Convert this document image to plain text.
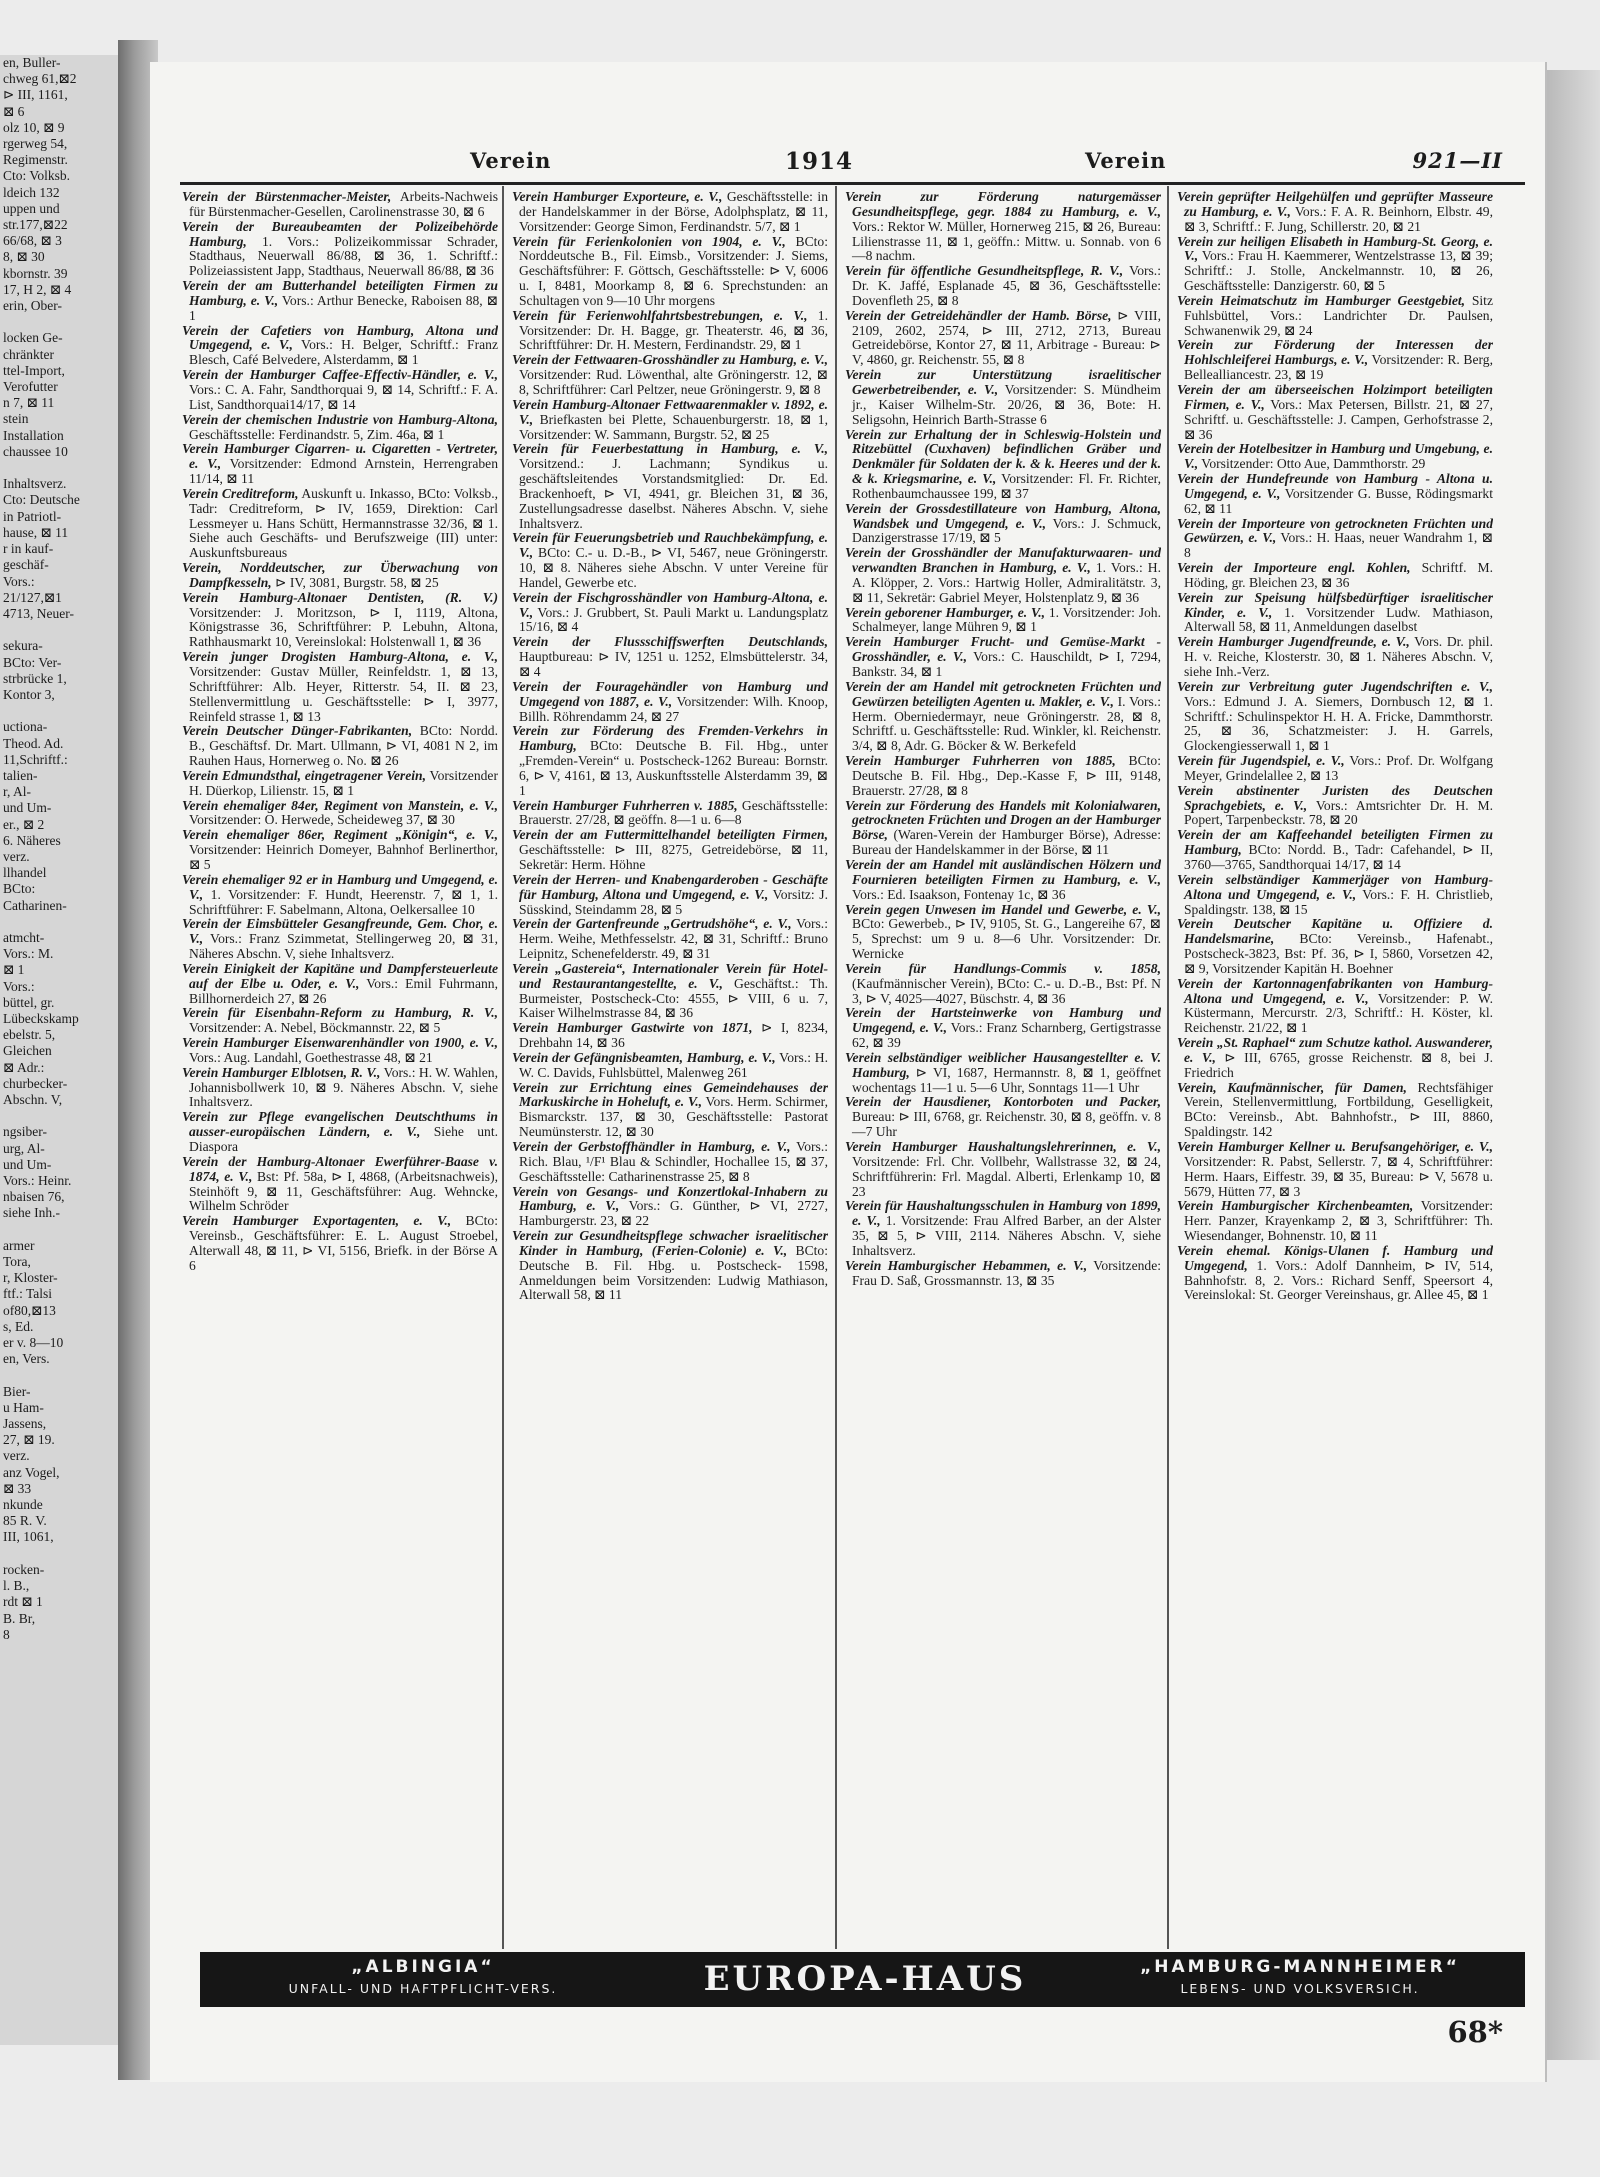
en, Buller-
chweg 61,⊠2
⊳ III, 1161,
⊠ 6
olz 10, ⊠ 9
rgerweg 54,
Regimenstr.
Cto: Volksb.
ldeich 132
uppen und
str.177,⊠22
66/68, ⊠ 3
8, ⊠ 30
kbornstr. 39
17, H 2, ⊠ 4
erin, Ober-

locken Ge-
chränkter
ttel-Import,
Verofutter
n 7, ⊠ 11
stein
Installation
chaussee 10

Inhaltsverz.
Cto: Deutsche
in Patriotl-
hause, ⊠ 11
r in kauf-
geschäf-
Vors.:
21/127,⊠1
4713, Neuer-

sekura-
BCto: Ver-
strbrücke 1,
Kontor 3,

uctiona-
Theod. Ad.
11,Schriftf.:
talien-
r, Al-
und Um-
er., ⊠ 2
6. Näheres
verz.
llhandel
BCto:
Catharinen-

atmcht-
Vors.: M.
⊠ 1
Vors.:
büttel, gr.
Lübeckskamp
ebelstr. 5,
Gleichen
⊠ Adr.:
churbecker-
Abschn. V,

ngsiber-
urg, Al-
und Um-
Vors.: Heinr.
nbaisen 76,
siehe Inh.-

armer
Tora,
r, Kloster-
ftf.: Talsi
of80,⊠13
s, Ed.
er v. 8—10
en, Vers.

Bier-
u Ham-
Jassens,
27, ⊠ 19.
verz.
anz Vogel,
⊠ 33
nkunde
85 R. V.
III, 1061,

rocken-
l. B.,
rdt ⊠ 1
B. Br,
8
Verein	1914	Verein	921—II
Verein der Bürstenmacher-Meister, Arbeits-Nachweis für Bürstenmacher-Gesellen, Carolinenstrasse 30, ⊠ 6
Verein der Bureaubeamten der Polizeibehörde Hamburg, 1. Vors.: Polizeikommissar Schrader, Stadthaus, Neuerwall 86/88, ⊠ 36, 1. Schriftf.: Polizeiassistent Japp, Stadthaus, Neuerwall 86/88, ⊠ 36
Verein der am Butterhandel beteiligten Firmen zu Hamburg, e. V., Vors.: Arthur Benecke, Raboisen 88, ⊠ 1
Verein der Cafetiers von Hamburg, Altona und Umgegend, e. V., Vors.: H. Belger, Schriftf.: Franz Blesch, Café Belvedere, Alsterdamm, ⊠ 1
Verein der Hamburger Caffee-Effectiv-Händler, e. V., Vors.: C. A. Fahr, Sandthorquai 9, ⊠ 14, Schriftf.: F. A. List, Sandthorquai14/17, ⊠ 14
Verein der chemischen Industrie von Hamburg-Altona, Geschäftsstelle: Ferdinandstr. 5, Zim. 46a, ⊠ 1
Verein Hamburger Cigarren- u. Cigaretten - Vertreter, e. V., Vorsitzender: Edmond Arnstein, Herrengraben 11/14, ⊠ 11
Verein Creditreform, Auskunft u. Inkasso, BCto: Volksb., Tadr: Creditreform, ⊳ IV, 1659, Direktion: Carl Lessmeyer u. Hans Schütt, Hermannstrasse 32/36, ⊠ 1. Siehe auch Geschäfts- und Berufszweige (III) unter: Auskunftsbureaus
Verein, Norddeutscher, zur Überwachung von Dampfkesseln, ⊳ IV, 3081, Burgstr. 58, ⊠ 25
Verein Hamburg-Altonaer Dentisten, (R. V.) Vorsitzender: J. Moritzson, ⊳ I, 1119, Altona, Königstrasse 36, Schriftführer: P. Lebuhn, Altona, Rathhausmarkt 10, Vereinslokal: Holstenwall 1, ⊠ 36
Verein junger Drogisten Hamburg-Altona, e. V., Vorsitzender: Gustav Müller, Reinfeldstr. 1, ⊠ 13, Schriftführer: Alb. Heyer, Ritterstr. 54, II. ⊠ 23, Stellenvermittlung u. Geschäftsstelle: ⊳ I, 3977, Reinfeld strasse 1, ⊠ 13
Verein Deutscher Dünger-Fabrikanten, BCto: Nordd. B., Geschäftsf. Dr. Mart. Ullmann, ⊳ VI, 4081 N 2, im Rauhen Haus, Hornerweg o. No. ⊠ 26
Verein Edmundsthal, eingetragener Verein, Vorsitzender H. Düerkop, Lilienstr. 15, ⊠ 1
Verein ehemaliger 84er, Regiment von Manstein, e. V., Vorsitzender: O. Herwede, Scheideweg 37, ⊠ 30
Verein ehemaliger 86er, Regiment „Königin“, e. V., Vorsitzender: Heinrich Domeyer, Bahnhof Berlinerthor, ⊠ 5
Verein ehemaliger 92 er in Hamburg und Umgegend, e. V., 1. Vorsitzender: F. Hundt, Heerenstr. 7, ⊠ 1, 1. Schriftführer: F. Sabelmann, Altona, Oelkersallee 10
Verein der Eimsbütteler Gesangfreunde, Gem. Chor, e. V., Vors.: Franz Szimmetat, Stellingerweg 20, ⊠ 31, Näheres Abschn. V, siehe Inhaltsverz.
Verein Einigkeit der Kapitäne und Dampfersteuerleute auf der Elbe u. Oder, e. V., Vors.: Emil Fuhrmann, Billhornerdeich 27, ⊠ 26
Verein für Eisenbahn-Reform zu Hamburg, R. V., Vorsitzender: A. Nebel, Böckmannstr. 22, ⊠ 5
Verein Hamburger Eisenwarenhändler von 1900, e. V., Vors.: Aug. Landahl, Goethestrasse 48, ⊠ 21
Verein Hamburger Elblotsen, R. V., Vors.: H. W. Wahlen, Johannisbollwerk 10, ⊠ 9. Näheres Abschn. V, siehe Inhaltsverz.
Verein zur Pflege evangelischen Deutschthums in ausser-europäischen Ländern, e. V., Siehe unt. Diaspora
Verein der Hamburg-Altonaer Ewerführer-Baase v. 1874, e. V., Bst: Pf. 58a, ⊳ I, 4868, (Arbeitsnachweis), Steinhöft 9, ⊠ 11, Geschäftsführer: Aug. Wehncke, Wilhelm Schröder
Verein Hamburger Exportagenten, e. V., BCto: Vereinsb., Geschäftsführer: E. L. August Stroebel, Alterwall 48, ⊠ 11, ⊳ VI, 5156, Briefk. in der Börse A 6
Verein Hamburger Exporteure, e. V., Geschäftsstelle: in der Handelskammer in der Börse, Adolphsplatz, ⊠ 11, Vorsitzender: George Simon, Ferdinandstr. 5/7, ⊠ 1
Verein für Ferienkolonien von 1904, e. V., BCto: Norddeutsche B., Fil. Eimsb., Vorsitzender: J. Siems, Geschäftsführer: F. Göttsch, Geschäftsstelle: ⊳ V, 6006 u. I, 8481, Moorkamp 8, ⊠ 6. Sprechstunden: an Schultagen von 9—10 Uhr morgens
Verein für Ferienwohlfahrtsbestrebungen, e. V., 1. Vorsitzender: Dr. H. Bagge, gr. Theaterstr. 46, ⊠ 36, Schriftführer: Dr. H. Mestern, Ferdinandstr. 29, ⊠ 1
Verein der Fettwaaren-Grosshändler zu Hamburg, e. V., Vorsitzender: Rud. Löwenthal, alte Gröningerstr. 12, ⊠ 8, Schriftführer: Carl Peltzer, neue Gröningerstr. 9, ⊠ 8
Verein Hamburg-Altonaer Fettwaarenmakler v. 1892, e. V., Briefkasten bei Plette, Schauenburgerstr. 18, ⊠ 1, Vorsitzender: W. Sammann, Burgstr. 52, ⊠ 25
Verein für Feuerbestattung in Hamburg, e. V., Vorsitzend.: J. Lachmann; Syndikus u. geschäftsleitendes Vorstandsmitglied: Dr. Ed. Brackenhoeft, ⊳ VI, 4941, gr. Bleichen 31, ⊠ 36, Zustellungsadresse daselbst. Näheres Abschn. V, siehe Inhaltsverz.
Verein für Feuerungsbetrieb und Rauchbekämpfung, e. V., BCto: C.- u. D.-B., ⊳ VI, 5467, neue Gröningerstr. 10, ⊠ 8. Näheres siehe Abschn. V unter Vereine für Handel, Gewerbe etc.
Verein der Fischgrosshändler von Hamburg-Altona, e. V., Vors.: J. Grubbert, St. Pauli Markt u. Landungsplatz 15/16, ⊠ 4
Verein der Flussschiffswerften Deutschlands, Hauptbureau: ⊳ IV, 1251 u. 1252, Elmsbüttelerstr. 34, ⊠ 4
Verein der Fouragehändler von Hamburg und Umgegend von 1887, e. V., Vorsitzender: Wilh. Knoop, Billh. Röhrendamm 24, ⊠ 27
Verein zur Förderung des Fremden-Verkehrs in Hamburg, BCto: Deutsche B. Fil. Hbg., unter „Fremden-Verein“ u. Postscheck-1262 Bureau: Bornstr. 6, ⊳ V, 4161, ⊠ 13, Auskunftsstelle Alsterdamm 39, ⊠ 1
Verein Hamburger Fuhrherren v. 1885, Geschäftsstelle: Brauerstr. 27/28, ⊠ geöffn. 8—1 u. 6—8
Verein der am Futtermittelhandel beteiligten Firmen, Geschäftsstelle: ⊳ III, 8275, Getreidebörse, ⊠ 11, Sekretär: Herm. Höhne
Verein der Herren- und Knabengarderoben - Geschäfte für Hamburg, Altona und Umgegend, e. V., Vorsitz: J. Süsskind, Steindamm 28, ⊠ 5
Verein der Gartenfreunde „Gertrudshöhe“, e. V., Vors.: Herm. Weihe, Methfesselstr. 42, ⊠ 31, Schriftf.: Bruno Leipnitz, Schenefelderstr. 49, ⊠ 31
Verein „Gastereia“, Internationaler Verein für Hotel- und Restaurantangestellte, e. V., Geschäftst.: Th. Burmeister, Postscheck-Cto: 4555, ⊳ VIII, 6 u. 7, Kaiser Wilhelmstrasse 84, ⊠ 36
Verein Hamburger Gastwirte von 1871, ⊳ I, 8234, Drehbahn 14, ⊠ 36
Verein der Gefängnisbeamten, Hamburg, e. V., Vors.: H. W. C. Davids, Fuhlsbüttel, Malenweg 261
Verein zur Errichtung eines Gemeindehauses der Markuskirche in Hoheluft, e. V., Vors. Herm. Schirmer, Bismarckstr. 137, ⊠ 30, Geschäftsstelle: Pastorat Neumünsterstr. 12, ⊠ 30
Verein der Gerbstoffhändler in Hamburg, e. V., Vors.: Rich. Blau, ¹/F¹ Blau & Schindler, Hochallee 15, ⊠ 37, Geschäftsstelle: Catharinenstrasse 25, ⊠ 8
Verein von Gesangs- und Konzertlokal-Inhabern zu Hamburg, e. V., Vors.: G. Günther, ⊳ VI, 2727, Hamburgerstr. 23, ⊠ 22
Verein zur Gesundheitspflege schwacher israelitischer Kinder in Hamburg, (Ferien-Colonie) e. V., BCto: Deutsche B. Fil. Hbg. u. Postscheck- 1598, Anmeldungen beim Vorsitzenden: Ludwig Mathiason, Alterwall 58, ⊠ 11
Verein zur Förderung naturgemässer Gesundheitspflege, gegr. 1884 zu Hamburg, e. V., Vors.: Rektor W. Müller, Hornerweg 215, ⊠ 26, Bureau: Lilienstrasse 11, ⊠ 1, geöffn.: Mittw. u. Sonnab. von 6—8 nachm.
Verein für öffentliche Gesundheitspflege, R. V., Vors.: Dr. K. Jaffé, Esplanade 45, ⊠ 36, Geschäftsstelle: Dovenfleth 25, ⊠ 8
Verein der Getreidehändler der Hamb. Börse, ⊳ VIII, 2109, 2602, 2574, ⊳ III, 2712, 2713, Bureau Getreidebörse, Kontor 27, ⊠ 11, Arbitrage - Bureau: ⊳ V, 4860, gr. Reichenstr. 55, ⊠ 8
Verein zur Unterstützung israelitischer Gewerbetreibender, e. V., Vorsitzender: S. Mündheim jr., Kaiser Wilhelm-Str. 20/26, ⊠ 36, Bote: H. Seligsohn, Heinrich Barth-Strasse 6
Verein zur Erhaltung der in Schleswig-Holstein und Ritzebüttel (Cuxhaven) befindlichen Gräber und Denkmäler für Soldaten der k. & k. Heeres und der k. & k. Kriegsmarine, e. V., Vorsitzender: Fl. Fr. Richter, Rothenbaumchaussee 199, ⊠ 37
Verein der Grossdestillateure von Hamburg, Altona, Wandsbek und Umgegend, e. V., Vors.: J. Schmuck, Danzigerstrasse 17/19, ⊠ 5
Verein der Grosshändler der Manufakturwaaren- und verwandten Branchen in Hamburg, e. V., 1. Vors.: H. A. Klöpper, 2. Vors.: Hartwig Holler, Admiralitätstr. 3, ⊠ 11, Sekretär: Gabriel Meyer, Holstenplatz 9, ⊠ 36
Verein geborener Hamburger, e. V., 1. Vorsitzender: Joh. Schalmeyer, lange Mühren 9, ⊠ 1
Verein Hamburger Frucht- und Gemüse-Markt - Grosshändler, e. V., Vors.: C. Hauschildt, ⊳ I, 7294, Bankstr. 34, ⊠ 1
Verein der am Handel mit getrockneten Früchten und Gewürzen beteiligten Agenten u. Makler, e. V., I. Vors.: Herm. Oberniedermayr, neue Gröningerstr. 28, ⊠ 8, Schriftf. u. Geschäftsstelle: Rud. Winkler, kl. Reichenstr. 3/4, ⊠ 8, Adr. G. Böcker & W. Berkefeld
Verein Hamburger Fuhrherren von 1885, BCto: Deutsche B. Fil. Hbg., Dep.-Kasse F, ⊳ III, 9148, Brauerstr. 27/28, ⊠ 8
Verein zur Förderung des Handels mit Kolonialwaren, getrockneten Früchten und Drogen an der Hamburger Börse, (Waren-Verein der Hamburger Börse), Adresse: Bureau der Handelskammer in der Börse, ⊠ 11
Verein der am Handel mit ausländischen Hölzern und Fournieren beteiligten Firmen zu Hamburg, e. V., Vors.: Ed. Isaakson, Fontenay 1c, ⊠ 36
Verein gegen Unwesen im Handel und Gewerbe, e. V., BCto: Gewerbeb., ⊳ IV, 9105, St. G., Langereihe 67, ⊠ 5, Sprechst: um 9 u. 8—6 Uhr. Vorsitzender: Dr. Wernicke
Verein für Handlungs-Commis v. 1858, (Kaufmännischer Verein), BCto: C.- u. D.-B., Bst: Pf. N 3, ⊳ V, 4025—4027, Büschstr. 4, ⊠ 36
Verein der Hartsteinwerke von Hamburg und Umgegend, e. V., Vors.: Franz Scharnberg, Gertigstrasse 62, ⊠ 39
Verein selbständiger weiblicher Hausangestellter e. V. Hamburg, ⊳ VI, 1687, Hermannstr. 8, ⊠ 1, geöffnet wochentags 11—1 u. 5—6 Uhr, Sonntags 11—1 Uhr
Verein der Hausdiener, Kontorboten und Packer, Bureau: ⊳ III, 6768, gr. Reichenstr. 30, ⊠ 8, geöffn. v. 8—7 Uhr
Verein Hamburger Haushaltungslehrerinnen, e. V., Vorsitzende: Frl. Chr. Vollbehr, Wallstrasse 32, ⊠ 24, Schriftführerin: Frl. Magdal. Alberti, Erlenkamp 10, ⊠ 23
Verein für Haushaltungsschulen in Hamburg von 1899, e. V., 1. Vorsitzende: Frau Alfred Barber, an der Alster 35, ⊠ 5, ⊳ VIII, 2114. Näheres Abschn. V, siehe Inhaltsverz.
Verein Hamburgischer Hebammen, e. V., Vorsitzende: Frau D. Saß, Grossmannstr. 13, ⊠ 35
Verein geprüfter Heilgehülfen und geprüfter Masseure zu Hamburg, e. V., Vors.: F. A. R. Beinhorn, Elbstr. 49, ⊠ 3, Schriftf.: F. Jung, Schillerstr. 20, ⊠ 21
Verein zur heiligen Elisabeth in Hamburg-St. Georg, e. V., Vors.: Frau H. Kaemmerer, Wentzelstrasse 13, ⊠ 39; Schriftf.: J. Stolle, Anckelmannstr. 10, ⊠ 26, Geschäftsstelle: Danzigerstr. 60, ⊠ 5
Verein Heimatschutz im Hamburger Geestgebiet, Sitz Fuhlsbüttel, Vors.: Landrichter Dr. Paulsen, Schwanenwik 29, ⊠ 24
Verein zur Förderung der Interessen der Hohlschleiferei Hamburgs, e. V., Vorsitzender: R. Berg, Bellealliancestr. 23, ⊠ 19
Verein der am überseeischen Holzimport beteiligten Firmen, e. V., Vors.: Max Petersen, Billstr. 21, ⊠ 27, Schriftf. u. Geschäftsstelle: J. Campen, Gerhofstrasse 2, ⊠ 36
Verein der Hotelbesitzer in Hamburg und Umgebung, e. V., Vorsitzender: Otto Aue, Dammthorstr. 29
Verein der Hundefreunde von Hamburg - Altona u. Umgegend, e. V., Vorsitzender G. Busse, Rödingsmarkt 62, ⊠ 11
Verein der Importeure von getrockneten Früchten und Gewürzen, e. V., Vors.: H. Haas, neuer Wandrahm 1, ⊠ 8
Verein der Importeure engl. Kohlen, Schriftf. M. Höding, gr. Bleichen 23, ⊠ 36
Verein zur Speisung hülfsbedürftiger israelitischer Kinder, e. V., 1. Vorsitzender Ludw. Mathiason, Alterwall 58, ⊠ 11, Anmeldungen daselbst
Verein Hamburger Jugendfreunde, e. V., Vors. Dr. phil. H. v. Reiche, Klosterstr. 30, ⊠ 1. Näheres Abschn. V, siehe Inh.-Verz.
Verein zur Verbreitung guter Jugendschriften e. V., Vors.: Edmund J. A. Siemers, Dornbusch 12, ⊠ 1. Schriftf.: Schulinspektor H. H. A. Fricke, Dammthorstr. 25, ⊠ 36, Schatzmeister: J. H. Garrels, Glockengiesserwall 1, ⊠ 1
Verein für Jugendspiel, e. V., Vors.: Prof. Dr. Wolfgang Meyer, Grindelallee 2, ⊠ 13
Verein abstinenter Juristen des Deutschen Sprachgebiets, e. V., Vors.: Amtsrichter Dr. H. M. Popert, Tarpenbeckstr. 78, ⊠ 20
Verein der am Kaffeehandel beteiligten Firmen zu Hamburg, BCto: Nordd. B., Tadr: Cafehandel, ⊳ II, 3760—3765, Sandthorquai 14/17, ⊠ 14
Verein selbständiger Kammerjäger von Hamburg-Altona und Umgegend, e. V., Vors.: F. H. Christlieb, Spaldingstr. 138, ⊠ 15
Verein Deutscher Kapitäne u. Offiziere d. Handelsmarine, BCto: Vereinsb., Hafenabt., Postscheck-3823, Bst: Pf. 36, ⊳ I, 5860, Vorsetzen 42, ⊠ 9, Vorsitzender Kapitän H. Boehner
Verein der Kartonnagenfabrikanten von Hamburg-Altona und Umgegend, e. V., Vorsitzender: P. W. Küstermann, Mercurstr. 2/3, Schriftf.: H. Köster, kl. Reichenstr. 21/22, ⊠ 1
Verein „St. Raphael“ zum Schutze kathol. Auswanderer, e. V., ⊳ III, 6765, grosse Reichenstr. ⊠ 8, bei J. Friedrich
Verein, Kaufmännischer, für Damen, Rechtsfähiger Verein, Stellenvermittlung, Fortbildung, Geselligkeit, BCto: Vereinsb., Abt. Bahnhofstr., ⊳ III, 8860, Spaldingstr. 142
Verein Hamburger Kellner u. Berufsangehöriger, e. V., Vorsitzender: R. Pabst, Sellerstr. 7, ⊠ 4, Schriftführer: Herm. Haars, Eiffestr. 39, ⊠ 35, Bureau: ⊳ V, 5678 u. 5679, Hütten 77, ⊠ 3
Verein Hamburgischer Kirchenbeamten, Vorsitzender: Herr. Panzer, Krayenkamp 2, ⊠ 3, Schriftführer: Th. Wiesendanger, Bohnenstr. 10, ⊠ 11
Verein ehemal. Königs-Ulanen f. Hamburg und Umgegend, 1. Vors.: Adolf Dannheim, ⊳ IV, 514, Bahnhofstr. 8, 2. Vors.: Richard Senff, Speersort 4, Vereinslokal: St. Georger Vereinshaus, gr. Allee 45, ⊠ 1
„ALBINGIA“
UNFALL- UND HAFTPFLICHT-VERS.	EUROPA-HAUS	„HAMBURG-MANNHEIMER“
LEBENS- UND VOLKSVERSICH.
68*
